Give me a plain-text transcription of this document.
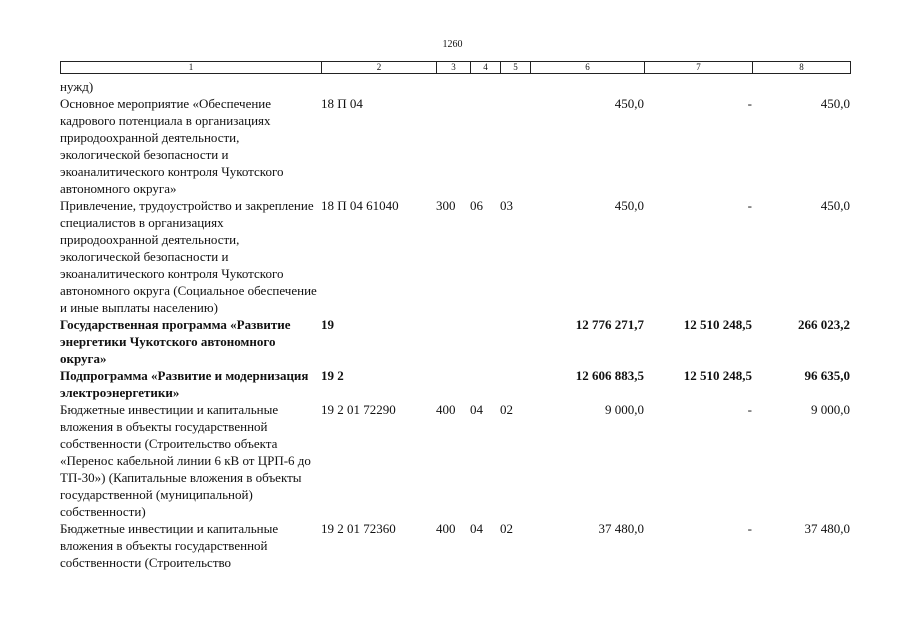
1260
1	2	3	4	5	6	7	8
нужд)							
Основное мероприятие «Обеспечение кадрового потенциала в организациях природоохранной деятельности, экологической безопасности и экоаналитического контроля Чукотского автономного округа»	18 П 04				450,0	-	450,0
Привлечение, трудоустройство и закрепление специалистов в организациях природоохранной деятельности, экологической безопасности и экоаналитического контроля Чукотского автономного округа (Социальное обеспечение и иные выплаты населению)	18 П 04 61040	300	06	03	450,0	-	450,0
Государственная программа «Развитие энергетики Чукотского автономного округа»	19				12 776 271,7	12 510 248,5	266 023,2
Подпрограмма «Развитие и модернизация электроэнергетики»	19 2				12 606 883,5	12 510 248,5	96 635,0
Бюджетные инвестиции и капитальные вложения в объекты государственной собственности (Строительство объекта «Перенос кабельной линии 6 кВ от ЦРП-6 до ТП-30») (Капитальные вложения в объекты государственной (муниципальной) собственности)	19 2 01 72290	400	04	02	9 000,0	-	9 000,0
Бюджетные инвестиции и капитальные вложения в объекты государственной собственности (Строительство	19 2 01 72360	400	04	02	37 480,0	-	37 480,0
